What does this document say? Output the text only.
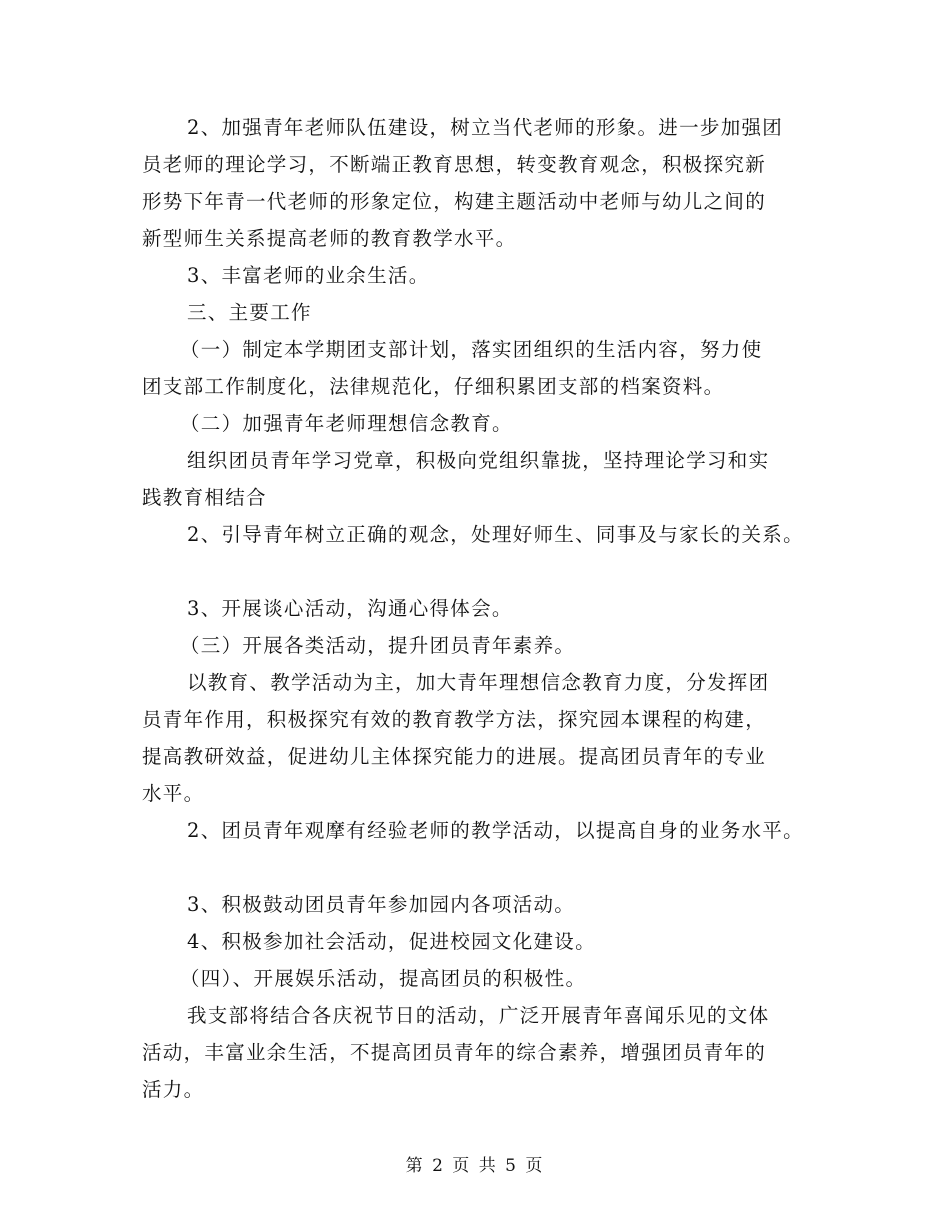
2、加强青年老师队伍建设，树立当代老师的形象。进一步加强团
员老师的理论学习，不断端正教育思想，转变教育观念，积极探究新
形势下年青一代老师的形象定位，构建主题活动中老师与幼儿之间的
新型师生关系提高老师的教育教学水平。
3、丰富老师的业余生活。
三、主要工作
（一）制定本学期团支部计划，落实团组织的生活内容，努力使
团支部工作制度化，法律规范化，仔细积累团支部的档案资料。
（二）加强青年老师理想信念教育。
组织团员青年学习党章，积极向党组织靠拢，坚持理论学习和实
践教育相结合
2、引导青年树立正确的观念，处理好师生、同事及与家长的关系。
3、开展谈心活动，沟通心得体会。
（三）开展各类活动，提升团员青年素养。
以教育、教学活动为主，加大青年理想信念教育力度，分发挥团
员青年作用，积极探究有效的教育教学方法，探究园本课程的构建，
提高教研效益，促进幼儿主体探究能力的进展。提高团员青年的专业
水平。
2、团员青年观摩有经验老师的教学活动，以提高自身的业务水平。
3、积极鼓动团员青年参加园内各项活动。
4、积极参加社会活动，促进校园文化建设。
（四）、开展娱乐活动，提高团员的积极性。
我支部将结合各庆祝节日的活动，广泛开展青年喜闻乐见的文体
活动，丰富业余生活，不提高团员青年的综合素养，增强团员青年的
活力。
第 2 页 共 5 页
